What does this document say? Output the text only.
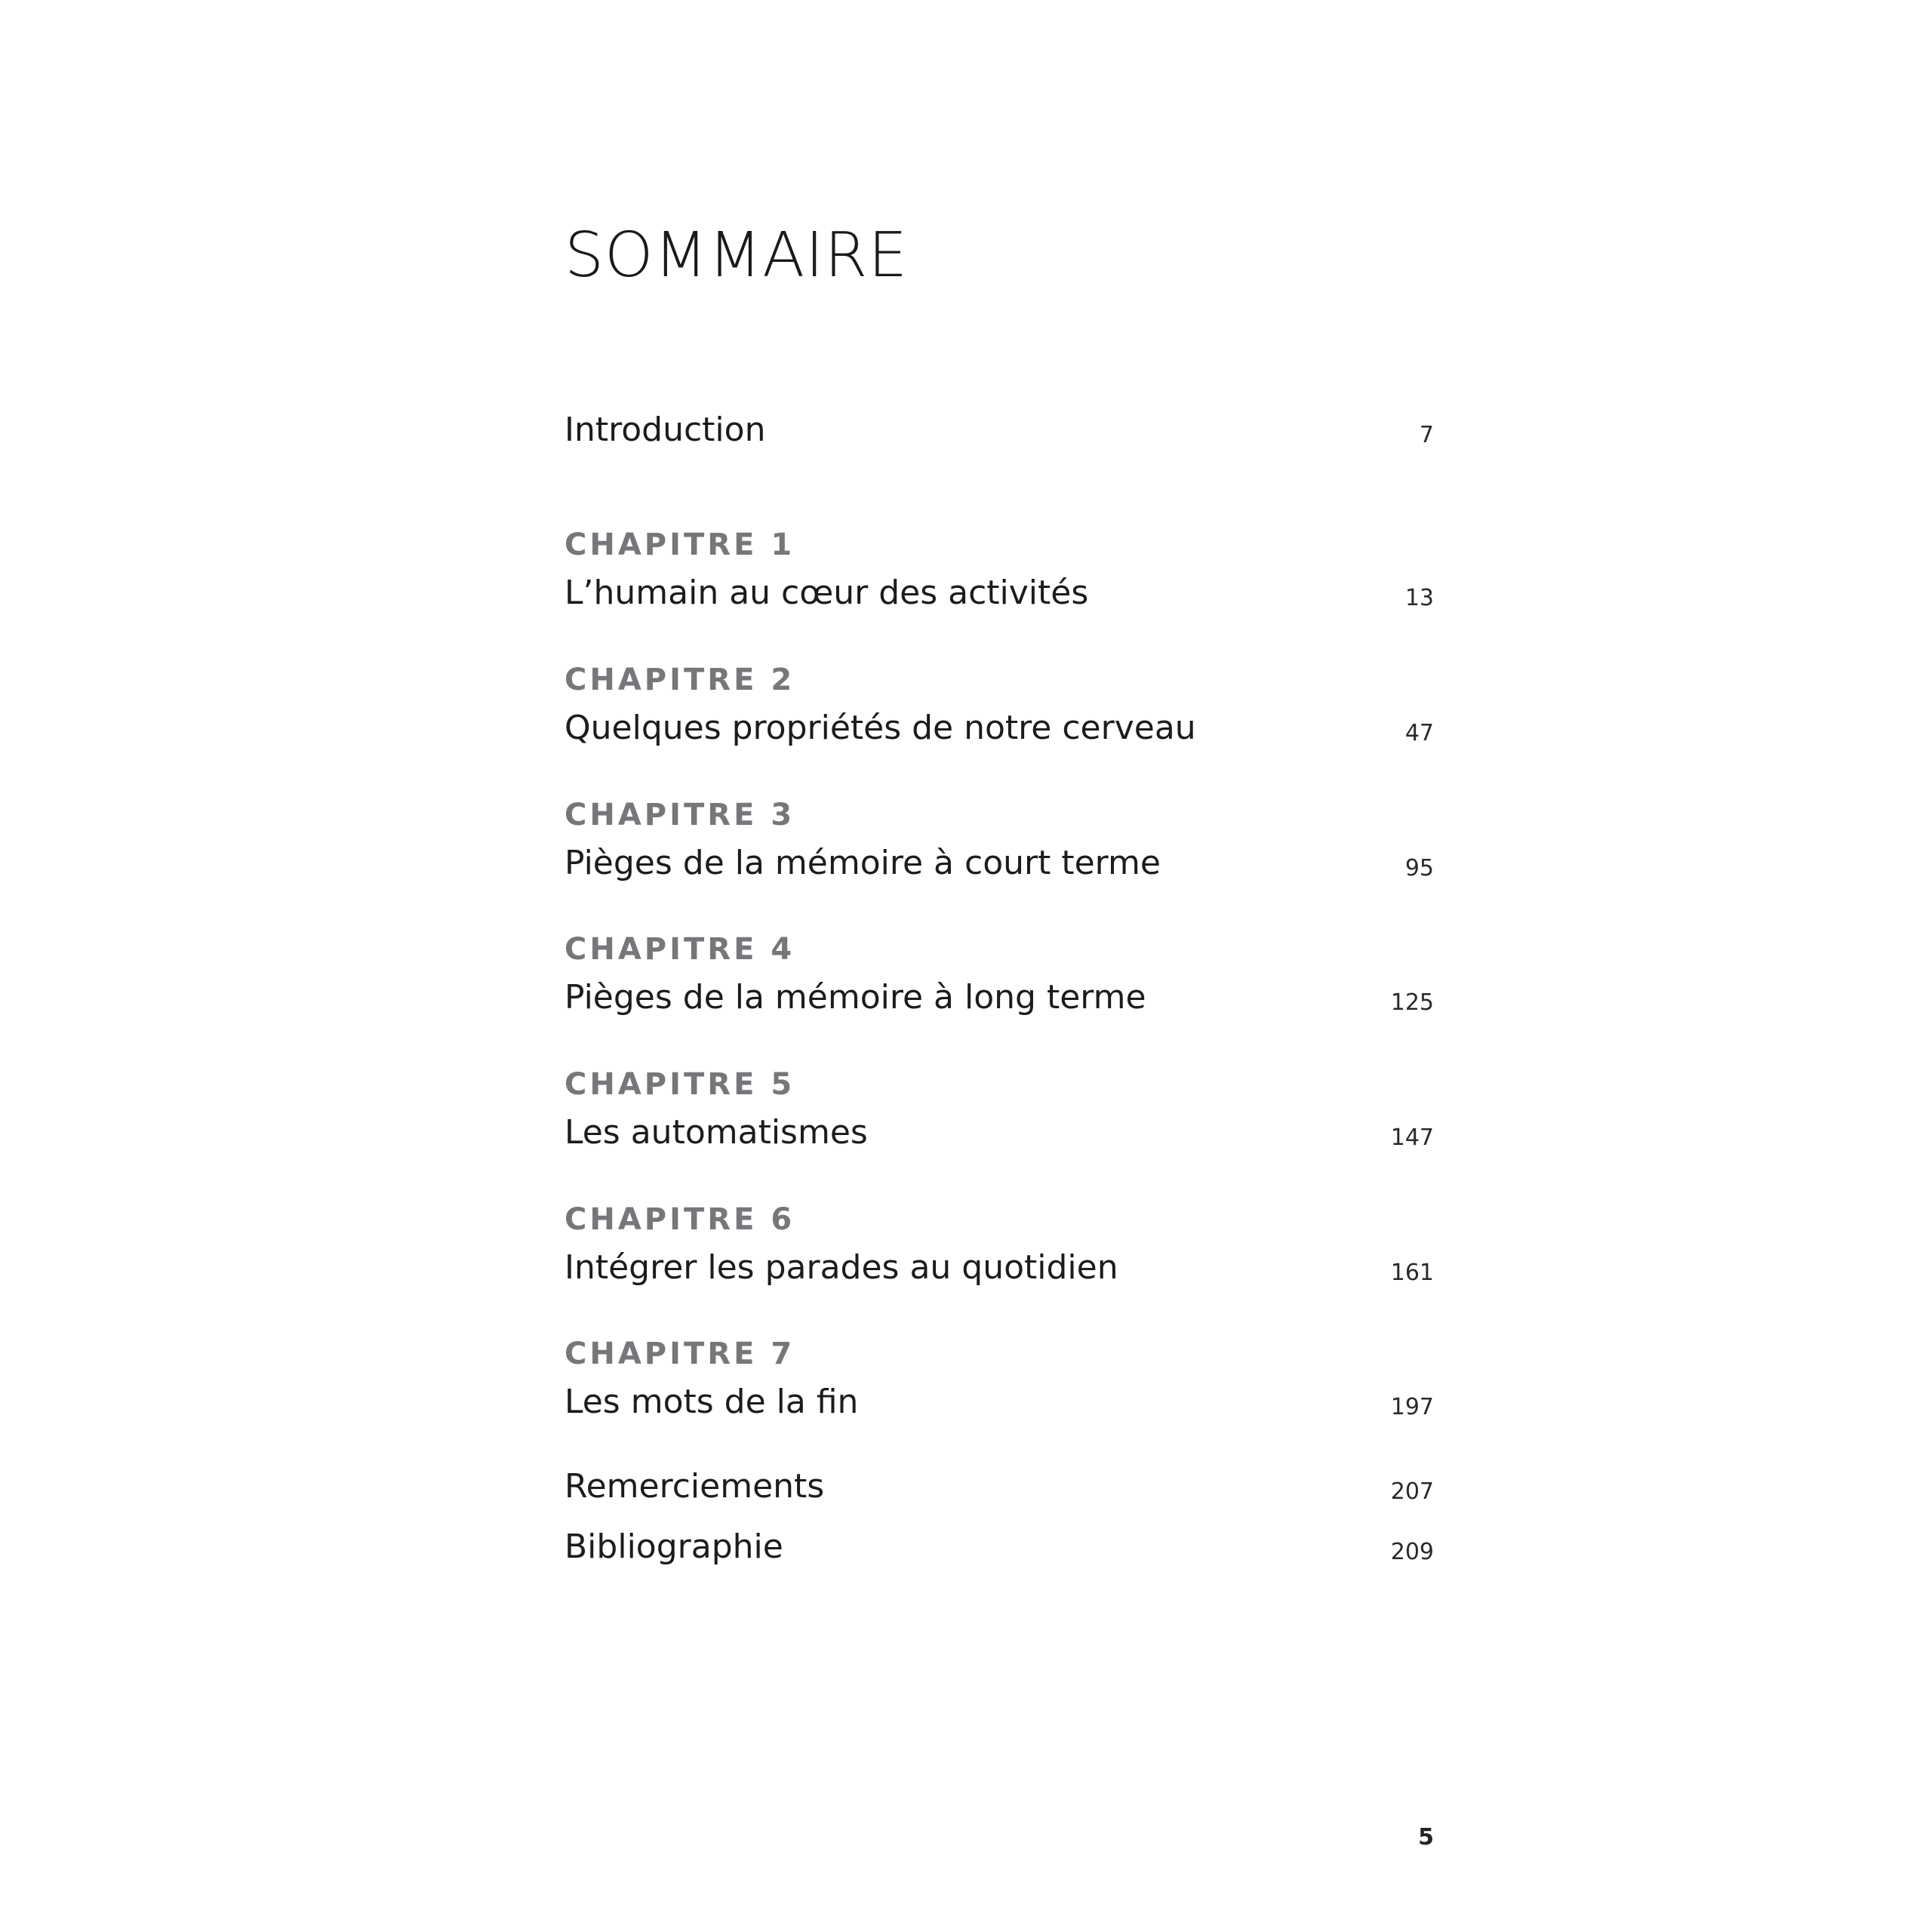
SOMMAIRE
Introduction	7
CHAPITRE 1
L’humain au cœur des activités	13
CHAPITRE 2
Quelques propriétés de notre cerveau	47
CHAPITRE 3
Pièges de la mémoire à court terme	95
CHAPITRE 4
Pièges de la mémoire à long terme	125
CHAPITRE 5
Les automatismes	147
CHAPITRE 6
Intégrer les parades au quotidien	161
CHAPITRE 7
Les mots de la fin	197
Remerciements	207
Bibliographie	209
5
